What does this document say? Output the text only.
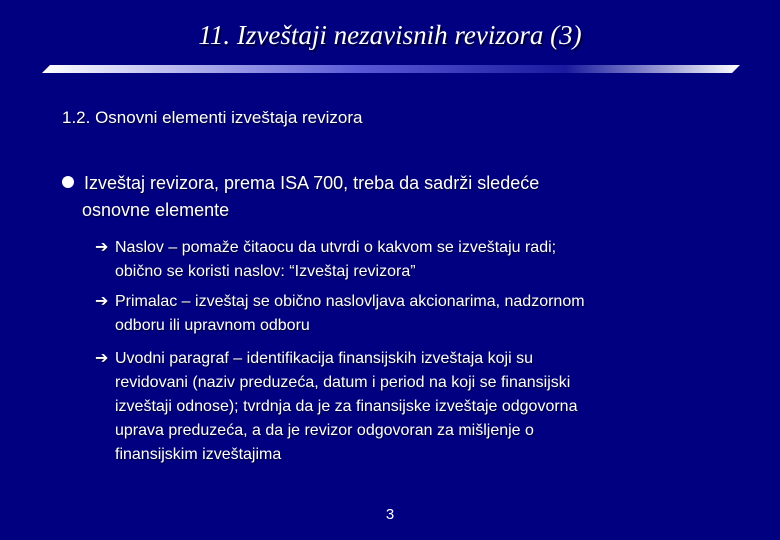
11. Izveštaji nezavisnih revizora (3)
1.2. Osnovni elementi izveštaja revizora
Izveštaj revizora, prema ISA 700, treba da sadrži sledeće
osnovne elemente
➔ Naslov – pomaže čitaocu da utvrdi o kakvom se izveštaju radi;
obično se koristi naslov: “Izveštaj revizora”
➔ Primalac – izveštaj se obično naslovljava akcionarima, nadzornom
odboru ili upravnom odboru
➔ Uvodni paragraf – identifikacija finansijskih izveštaja koji su
revidovani (naziv preduzeća, datum i period na koji se finansijski
izveštaji odnose); tvrdnja da je za finansijske izveštaje odgovorna
uprava preduzeća, a da je revizor odgovoran za mišljenje o
finansijskim izveštajima
3
